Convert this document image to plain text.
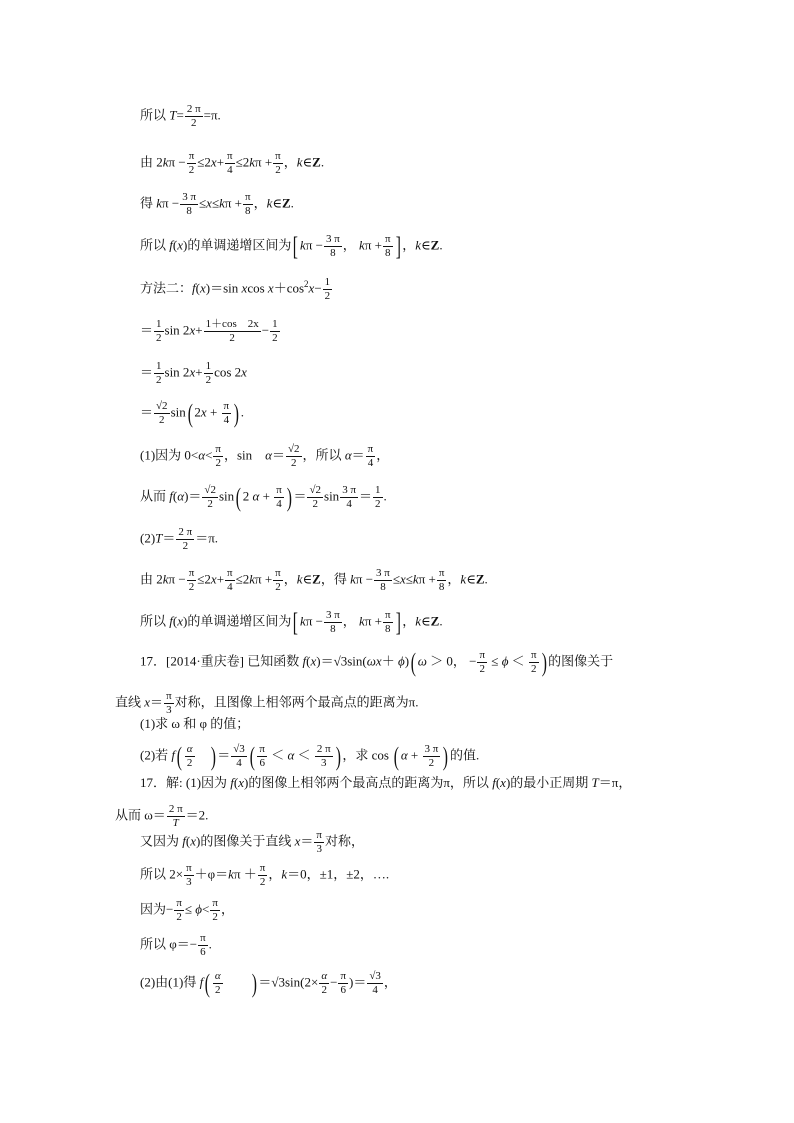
所以 $T= \frac{2 \pi}{2} =\pi$.
由 $2k\pi - \frac{\pi}{2} \le 2x+ \frac{\pi}{4} \le 2k\pi + \frac{\pi}{2}$ ，k∈Z.
得 $k\pi - \frac{3 \pi}{8} \le x\le k\pi + \frac{\pi}{8}$ ，k∈Z.
所以 f(x)的单调递增区间为[ $k\pi - \frac{3 \pi}{8}$ ， $k\pi + \frac{\pi}{8}$ ] ，k∈Z.
方法二：f(x)＝sin xcos $x+\cos^2x- \frac{1}{2}$
＝ $\frac{1}{2}$ $\sin 2x+ \frac{1+\cos 2x}{2} - \frac{1}{2}$
＝ $\frac{1}{2}$ $\sin 2x+ \frac{1}{2}$ cos 2x
＝ $\frac{√2}{2} \sin$( $2x + \frac{\pi}{4}$ ) .
(1)因为 $0<\alpha< \frac{\pi}{2}$ ，sin　$\alpha= \frac{√2}{2}$ ，所以 $\alpha= \frac{\pi}{4}$ ，
从而 $f(\alpha)= \frac{√2}{2} \sin$( 2 $\alpha + \frac{\pi}{4}$ ) ＝ $\frac{√2}{2}$ $\sin \frac{3 \pi}{4} = \frac{1}{2}$ .
$(2)T= \frac{2 \pi}{2} =\pi$.
由 $2k\pi - \frac{\pi}{2} \le 2x+ \frac{\pi}{4} \le 2k\pi + \frac{\pi}{2}$ ，k∈Z，得 $k\pi - \frac{3 \pi}{8} \le x\le k\pi + \frac{\pi}{8}$ ，k∈Z.
所以 f(x)的单调递增区间为[ $k\pi - \frac{3 \pi}{8}$ ， $k\pi + \frac{\pi}{8}$ ] ，k∈Z.
17．[2014·重庆卷] 已知函数 f(x)＝√3sin(ωx＋ ϕ)( ω ＞ 0， − $\frac{\pi}{2} \le \phi < \frac{\pi}{2}$ ) 的图像关于
直线 $x= \frac{\pi}{3}$ 对称，且图像上相邻两个最高点的距离为π.
(1)求 ω 和 φ 的值；
(2)若 $f( \frac{\alpha}{2}$
　 ) ＝ $\frac{√3}{4}$ ( $\frac{\pi}{6} < \alpha < \frac{2 \pi}{3}$ ) ，求 cos ( $\alpha + \frac{3 \pi}{2}$ ) 的值.
17．解: (1)因为 f(x)的图像上相邻两个最高点的距离为π，所以 f(x)的最小正周期 T＝π，
从而 $\omega= \frac{2 \pi}{T} =2$.
又因为 f(x)的图像关于直线 $x= \frac{\pi}{3}$ 对称，
所以 $2\times \frac{\pi}{3} +\varphi=k\pi + \frac{\pi}{2}$ ，k＝0，±1，±2，….
因为− $\frac{\pi}{2} \le \phi< \frac{\pi}{2}$ ，
所以 $\varphi=- \frac{\pi}{6}$ .
(2)由(1)得 $f( \frac{\alpha}{2}$
　　 ) $=√3\sin(2\times \frac{\alpha}{2} - \frac{\pi}{6}$ )＝ $\frac{√3}{4}$ ，
